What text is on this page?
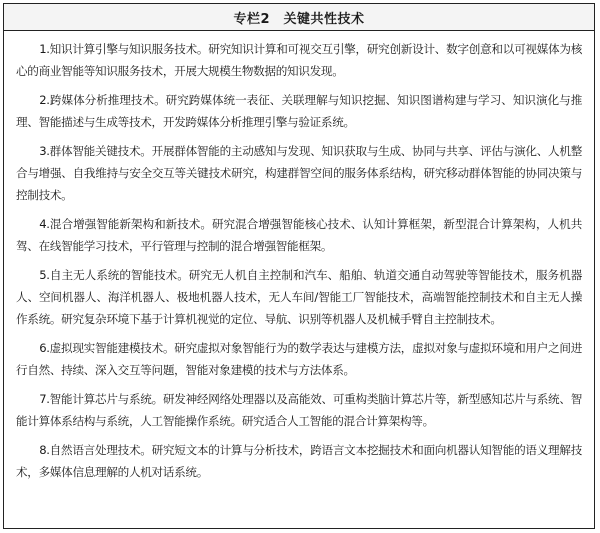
专栏2　关键共性技术

1.知识计算引擎与知识服务技术。研究知识计算和可视交互引擎，研究创新设计、数字创意和以可视媒体为核心的商业智能等知识服务技术，开展大规模生物数据的知识发现。

2.跨媒体分析推理技术。研究跨媒体统一表征、关联理解与知识挖掘、知识图谱构建与学习、知识演化与推理、智能描述与生成等技术，开发跨媒体分析推理引擎与验证系统。

3.群体智能关键技术。开展群体智能的主动感知与发现、知识获取与生成、协同与共享、评估与演化、人机整合与增强、自我维持与安全交互等关键技术研究，构建群智空间的服务体系结构，研究移动群体智能的协同决策与控制技术。

4.混合增强智能新架构和新技术。研究混合增强智能核心技术、认知计算框架，新型混合计算架构，人机共驾、在线智能学习技术，平行管理与控制的混合增强智能框架。

5.自主无人系统的智能技术。研究无人机自主控制和汽车、船舶、轨道交通自动驾驶等智能技术，服务机器人、空间机器人、海洋机器人、极地机器人技术，无人车间/智能工厂智能技术，高端智能控制技术和自主无人操作系统。研究复杂环境下基于计算机视觉的定位、导航、识别等机器人及机械手臂自主控制技术。

6.虚拟现实智能建模技术。研究虚拟对象智能行为的数学表达与建模方法，虚拟对象与虚拟环境和用户之间进行自然、持续、深入交互等问题，智能对象建模的技术与方法体系。

7.智能计算芯片与系统。研发神经网络处理器以及高能效、可重构类脑计算芯片等，新型感知芯片与系统、智能计算体系结构与系统，人工智能操作系统。研究适合人工智能的混合计算架构等。

8.自然语言处理技术。研究短文本的计算与分析技术，跨语言文本挖掘技术和面向机器认知智能的语义理解技术，多媒体信息理解的人机对话系统。
